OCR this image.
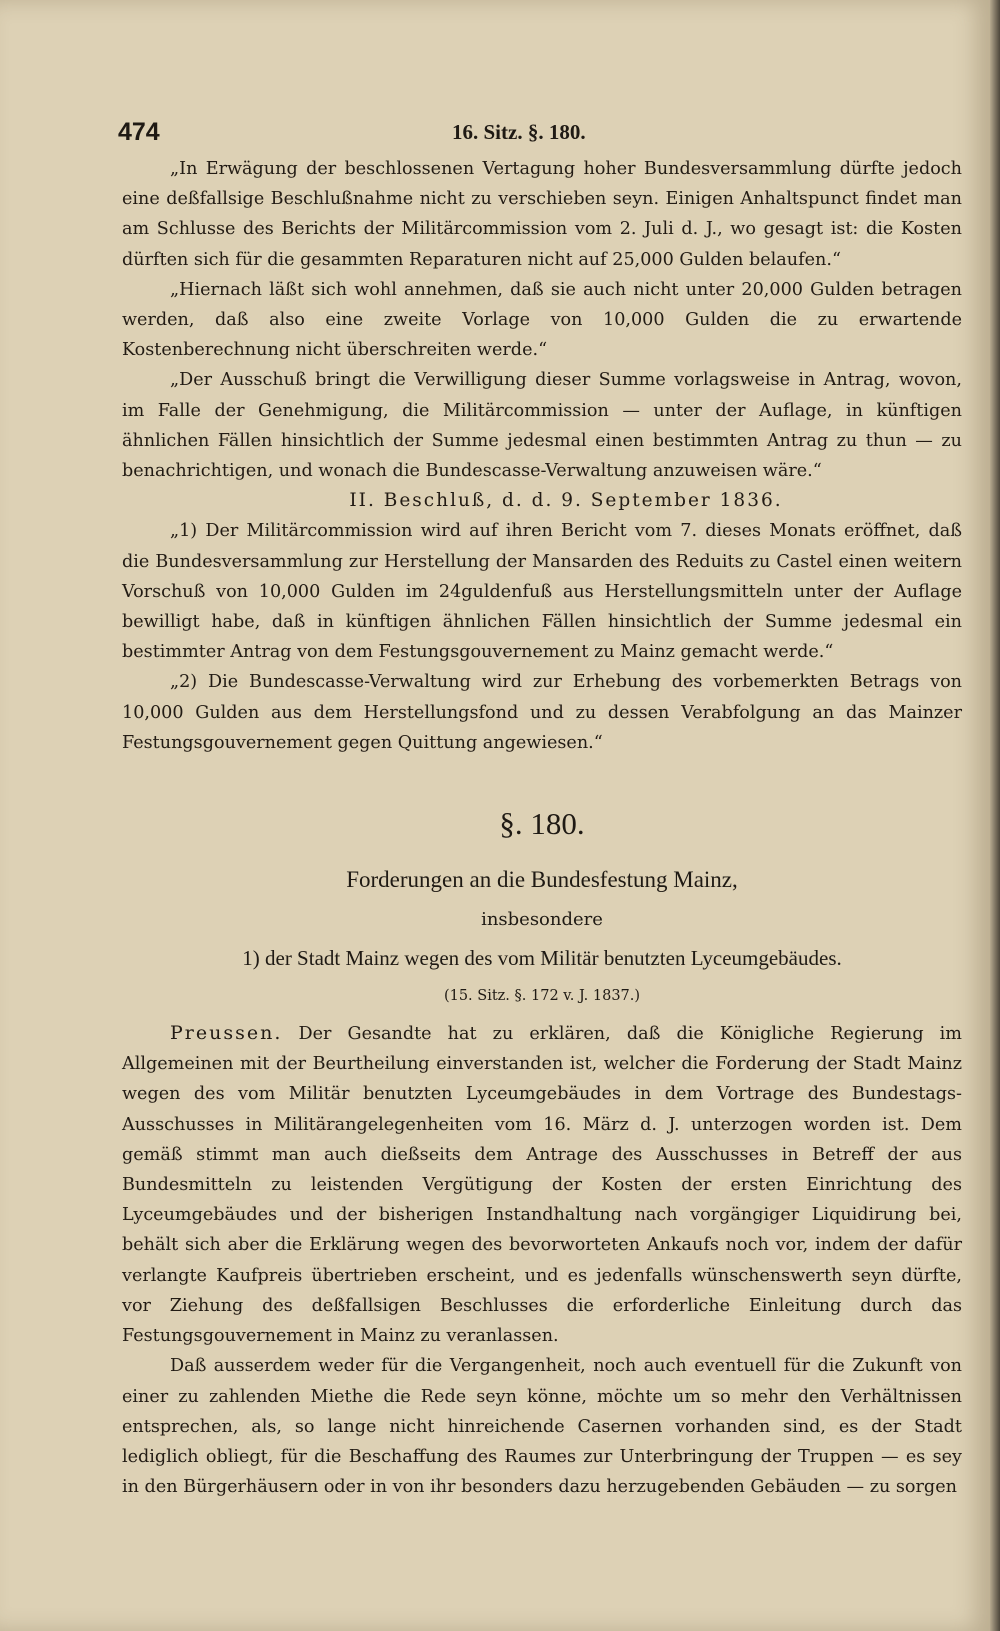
474	16. Sitz. §. 180.

„In Erwägung der beschlossenen Vertagung hoher Bundesversammlung dürfte jedoch eine deßfallsige Beschlußnahme nicht zu verschieben seyn. Einigen Anhaltspunct findet man am Schlusse des Berichts der Militärcommission vom 2. Juli d. J., wo gesagt ist: die Kosten dürften sich für die gesammten Reparaturen nicht auf 25,000 Gulden belaufen.“

„Hiernach läßt sich wohl annehmen, daß sie auch nicht unter 20,000 Gulden betragen werden, daß also eine zweite Vorlage von 10,000 Gulden die zu erwartende Kostenberechnung nicht überschreiten werde.“

„Der Ausschuß bringt die Verwilligung dieser Summe vorlagsweise in Antrag, wovon, im Falle der Genehmigung, die Militärcommission — unter der Auflage, in künftigen ähnlichen Fällen hinsichtlich der Summe jedesmal einen bestimmten Antrag zu thun — zu benachrichtigen, und wonach die Bundescasse-Verwaltung anzuweisen wäre.“

II. Beschluß, d. d. 9. September 1836.

„1) Der Militärcommission wird auf ihren Bericht vom 7. dieses Monats eröffnet, daß die Bundesversammlung zur Herstellung der Mansarden des Reduits zu Castel einen weitern Vorschuß von 10,000 Gulden im 24guldenfuß aus Herstellungsmitteln unter der Auflage bewilligt habe, daß in künftigen ähnlichen Fällen hinsichtlich der Summe jedesmal ein bestimmter Antrag von dem Festungsgouvernement zu Mainz gemacht werde.“

„2) Die Bundescasse-Verwaltung wird zur Erhebung des vorbemerkten Betrags von 10,000 Gulden aus dem Herstellungsfond und zu dessen Verabfolgung an das Mainzer Festungsgouvernement gegen Quittung angewiesen.“

§. 180.
Forderungen an die Bundesfestung Mainz,
insbesondere
1) der Stadt Mainz wegen des vom Militär benutzten Lyceumgebäudes.
(15. Sitz. §. 172 v. J. 1837.)

Preussen. Der Gesandte hat zu erklären, daß die Königliche Regierung im Allgemeinen mit der Beurtheilung einverstanden ist, welcher die Forderung der Stadt Mainz wegen des vom Militär benutzten Lyceumgebäudes in dem Vortrage des Bundestags-Ausschusses in Militärangelegenheiten vom 16. März d. J. unterzogen worden ist. Dem gemäß stimmt man auch dießseits dem Antrage des Ausschusses in Betreff der aus Bundesmitteln zu leistenden Vergütigung der Kosten der ersten Einrichtung des Lyceumgebäudes und der bisherigen Instandhaltung nach vorgängiger Liquidirung bei, behält sich aber die Erklärung wegen des bevorworteten Ankaufs noch vor, indem der dafür verlangte Kaufpreis übertrieben erscheint, und es jedenfalls wünschenswerth seyn dürfte, vor Ziehung des deßfallsigen Beschlusses die erforderliche Einleitung durch das Festungsgouvernement in Mainz zu veranlassen.

Daß ausserdem weder für die Vergangenheit, noch auch eventuell für die Zukunft von einer zu zahlenden Miethe die Rede seyn könne, möchte um so mehr den Verhältnissen entsprechen, als, so lange nicht hinreichende Casernen vorhanden sind, es der Stadt lediglich obliegt, für die Beschaffung des Raumes zur Unterbringung der Truppen — es sey in den Bürgerhäusern oder in von ihr besonders dazu herzugebenden Gebäuden — zu sorgen
